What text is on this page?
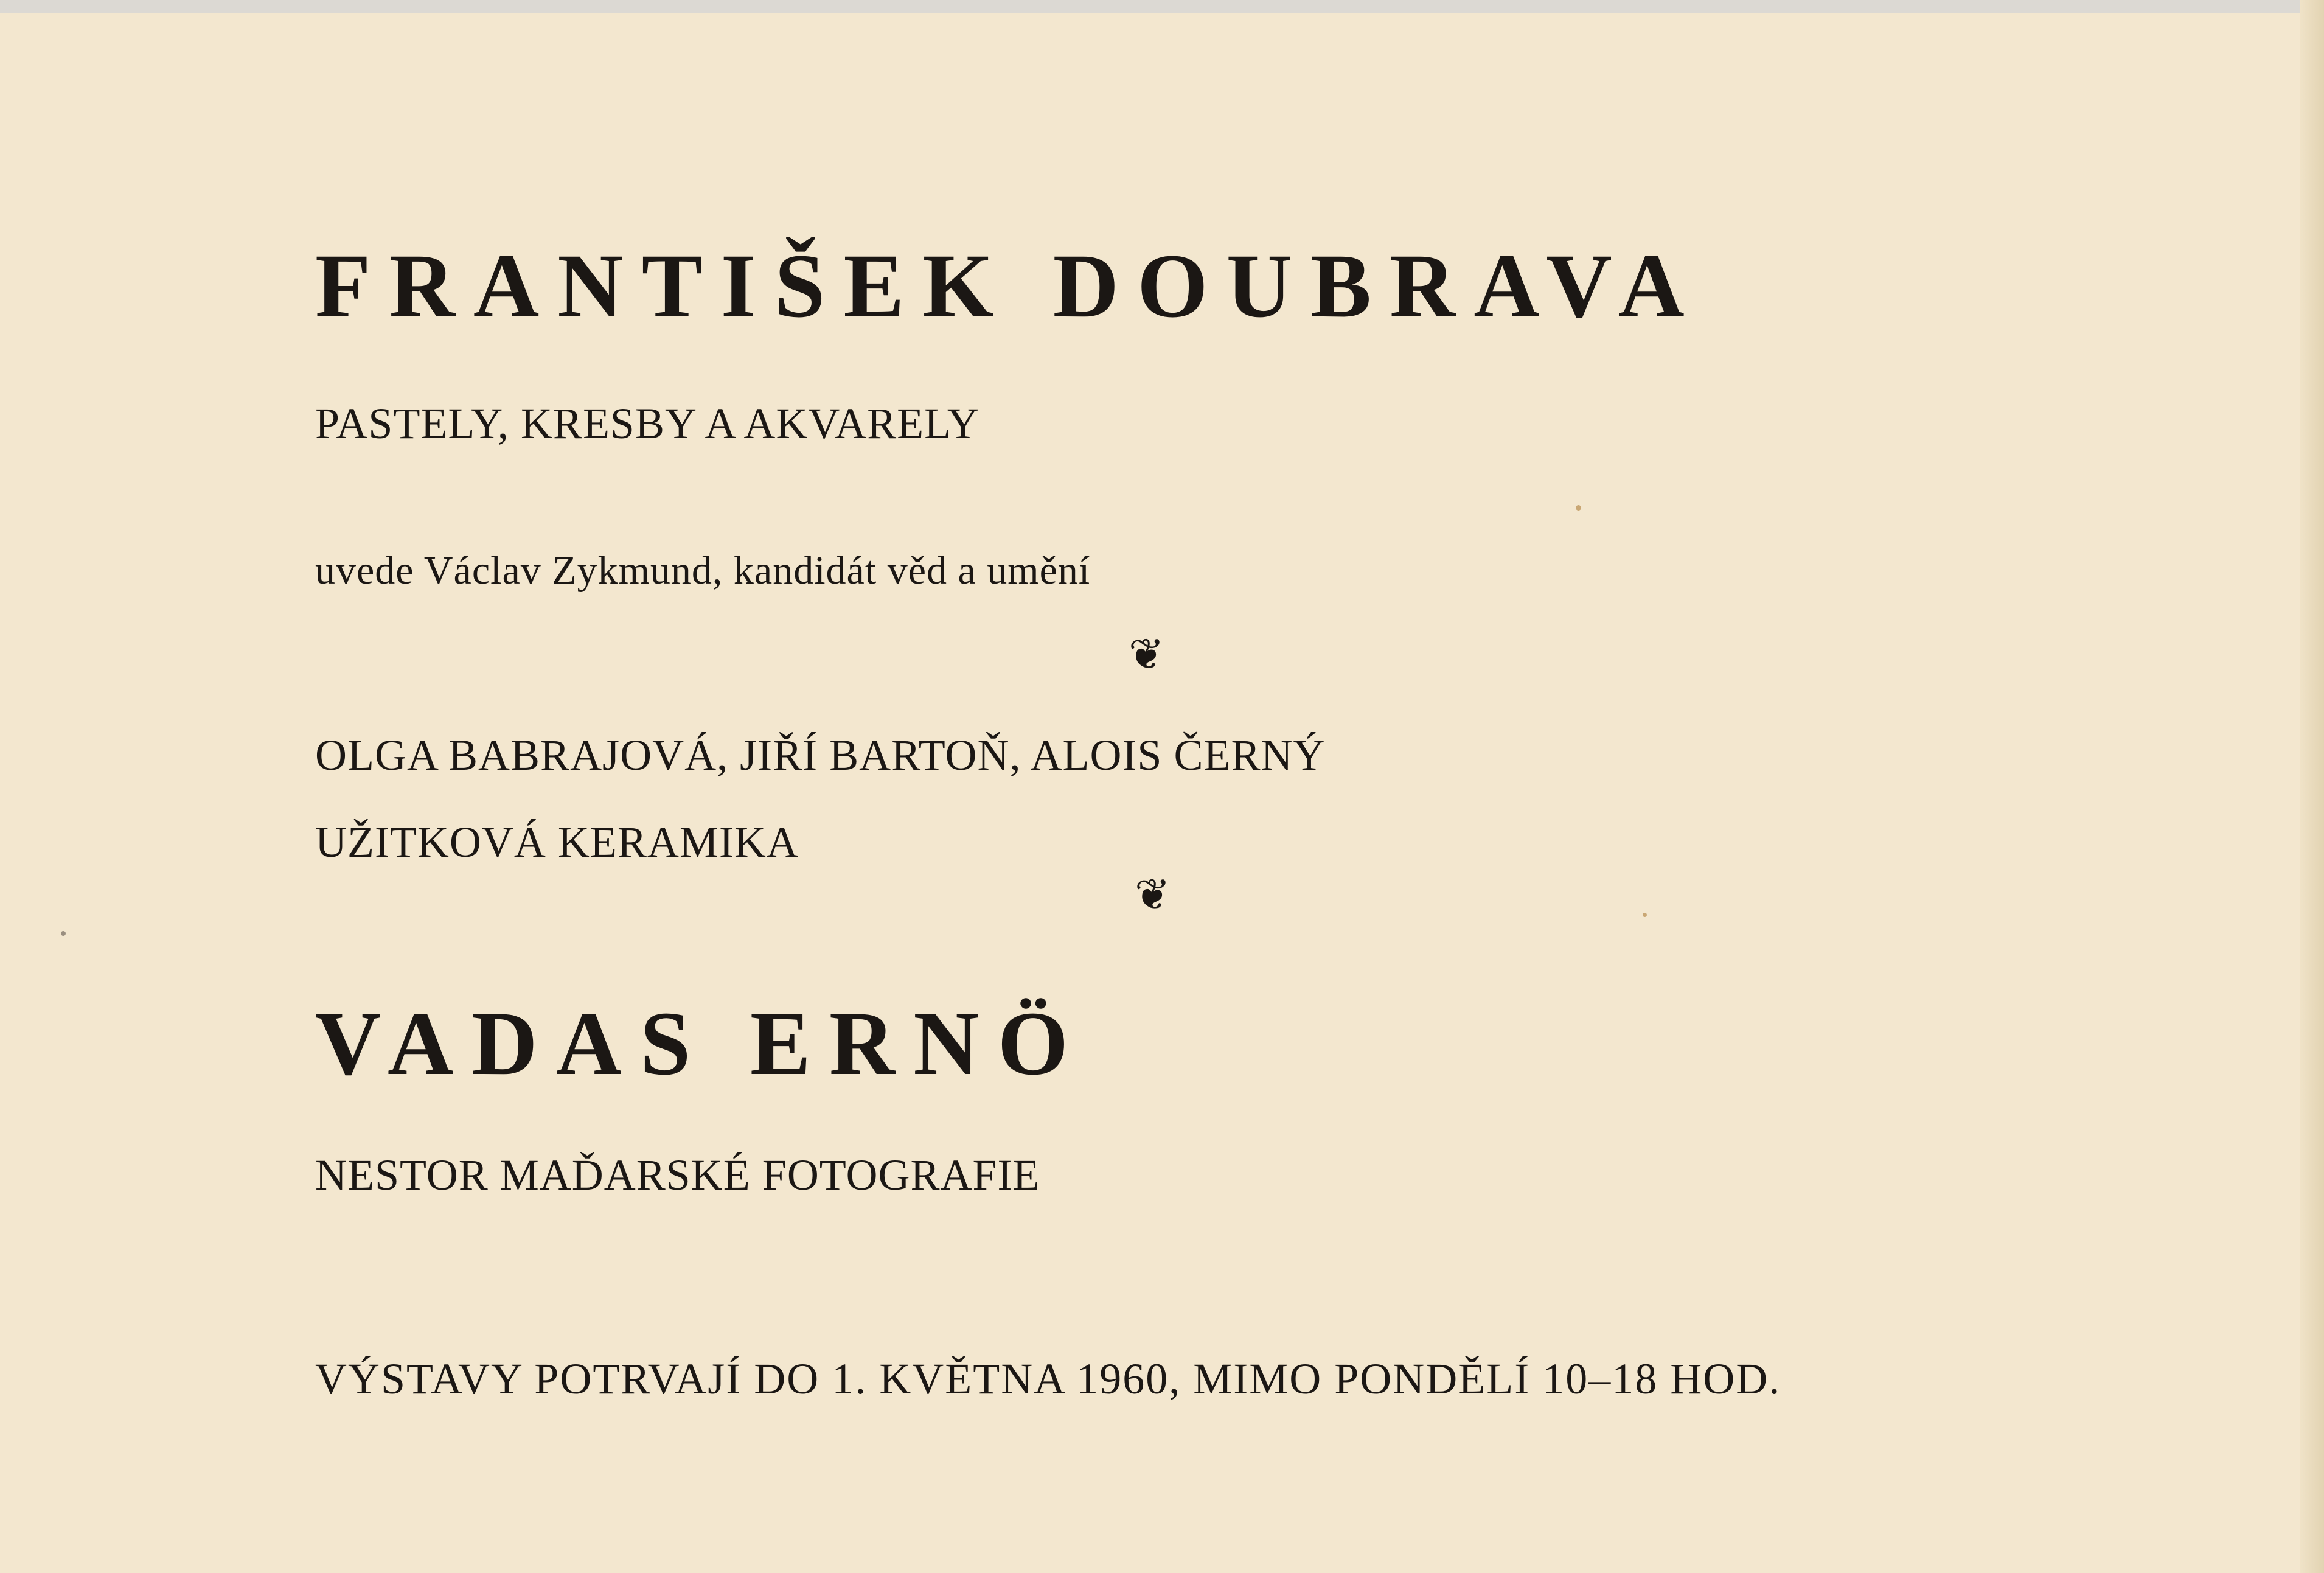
FRANTIŠEK DOUBRAVA
PASTELY, KRESBY A AKVARELY
uvede Václav Zykmund, kandidát věd a umění
❦
OLGA BABRAJOVÁ, JIŘÍ BARTOŇ, ALOIS ČERNÝ
UŽITKOVÁ KERAMIKA
❦
VADAS ERNÖ
NESTOR MAĎARSKÉ FOTOGRAFIE
VÝSTAVY POTRVAJÍ DO 1. KVĚTNA 1960, MIMO PONDĚLÍ 10–18 HOD.
